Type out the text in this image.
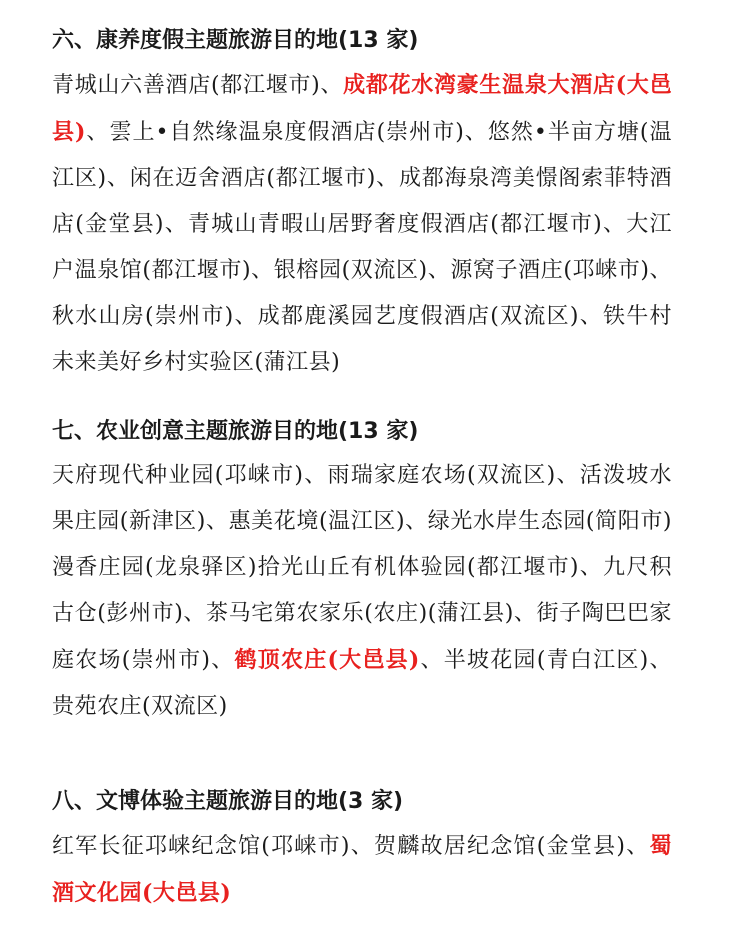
六、康养度假主题旅游目的地(13 家)
青城山六善酒店(都江堰市)、成都花水湾豪生温泉大酒店(大邑县)、雲上•自然缘温泉度假酒店(崇州市)、悠然•半亩方塘(温江区)、闲在迈舍酒店(都江堰市)、成都海泉湾美憬阁索菲特酒店(金堂县)、青城山青暇山居野奢度假酒店(都江堰市)、大江户温泉馆(都江堰市)、银榕园(双流区)、源窝子酒庄(邛崃市)、秋水山房(崇州市)、成都鹿溪园艺度假酒店(双流区)、铁牛村未来美好乡村实验区(蒲江县)
七、农业创意主题旅游目的地(13 家)
天府现代种业园(邛崃市)、雨瑞家庭农场(双流区)、活泼坡水果庄园(新津区)、惠美花境(温江区)、绿光水岸生态园(简阳市)漫香庄园(龙泉驿区)拾光山丘有机体验园(都江堰市)、九尺积古仓(彭州市)、茶马宅第农家乐(农庄)(蒲江县)、街子陶巴巴家庭农场(崇州市)、鹤顶农庄(大邑县)、半坡花园(青白江区)、贵苑农庄(双流区)
八、文博体验主题旅游目的地(3 家)
红军长征邛崃纪念馆(邛崃市)、贺麟故居纪念馆(金堂县)、蜀酒文化园(大邑县)
